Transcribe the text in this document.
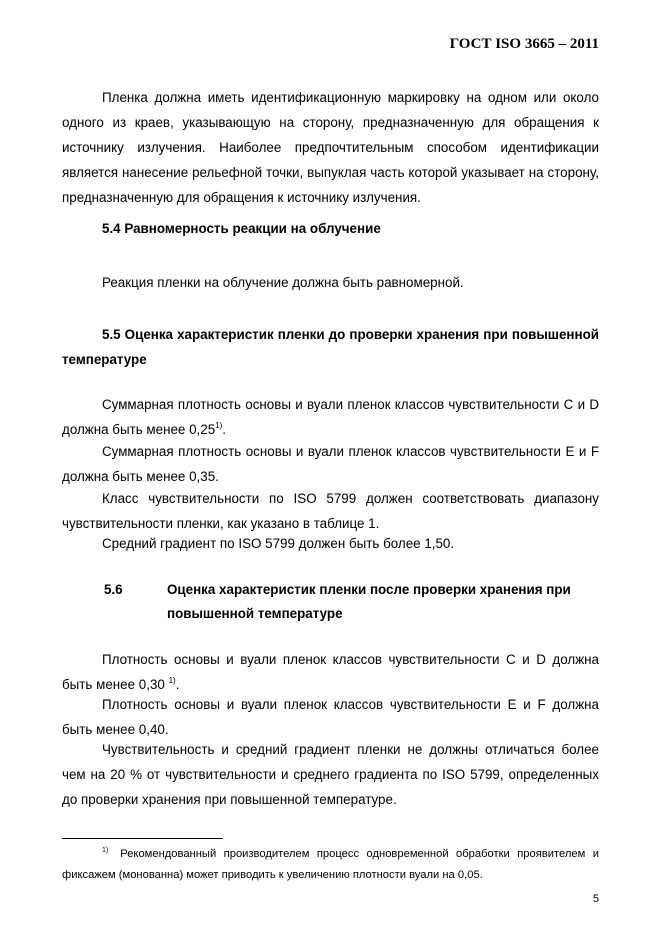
ГОСТ ISO 3665 – 2011

Пленка должна иметь идентификационную маркировку на одном или около одного из краев, указывающую на сторону, предназначенную для обращения к источнику излучения. Наиболее предпочтительным способом идентификации является нанесение рельефной точки, выпуклая часть которой указывает на сторону, предназначенную для обращения к источнику излучения.

5.4 Равномерность реакции на облучение

Реакция пленки на облучение должна быть равномерной.

5.5 Оценка характеристик пленки до проверки хранения при повышенной температуре

Суммарная плотность основы и вуали пленок классов чувствительности C и D должна быть менее 0,25$^{1)}$.

Суммарная плотность основы и вуали пленок классов чувствительности E и F должна быть менее 0,35.

Класс чувствительности по ISO 5799 должен соответствовать диапазону чувствительности пленки, как указано в таблице 1.

Средний градиент по ISO 5799 должен быть более 1,50.

5.6	Оценка характеристик пленки после проверки хранения при повышенной температуре

Плотность основы и вуали пленок классов чувствительности C и D должна быть менее 0,30 $^{1)}$.

Плотность основы и вуали пленок классов чувствительности E и F должна быть менее 0,40.

Чувствительность и средний градиент пленки не должны отличаться более чем на 20 % от чувствительности и среднего градиента по ISO 5799, определенных до проверки хранения при повышенной температуре.

$^{1)}$ Рекомендованный производителем процесс одновременной обработки проявителем и фиксажем (монованна) может приводить к увеличению плотности вуали на 0,05.

5
